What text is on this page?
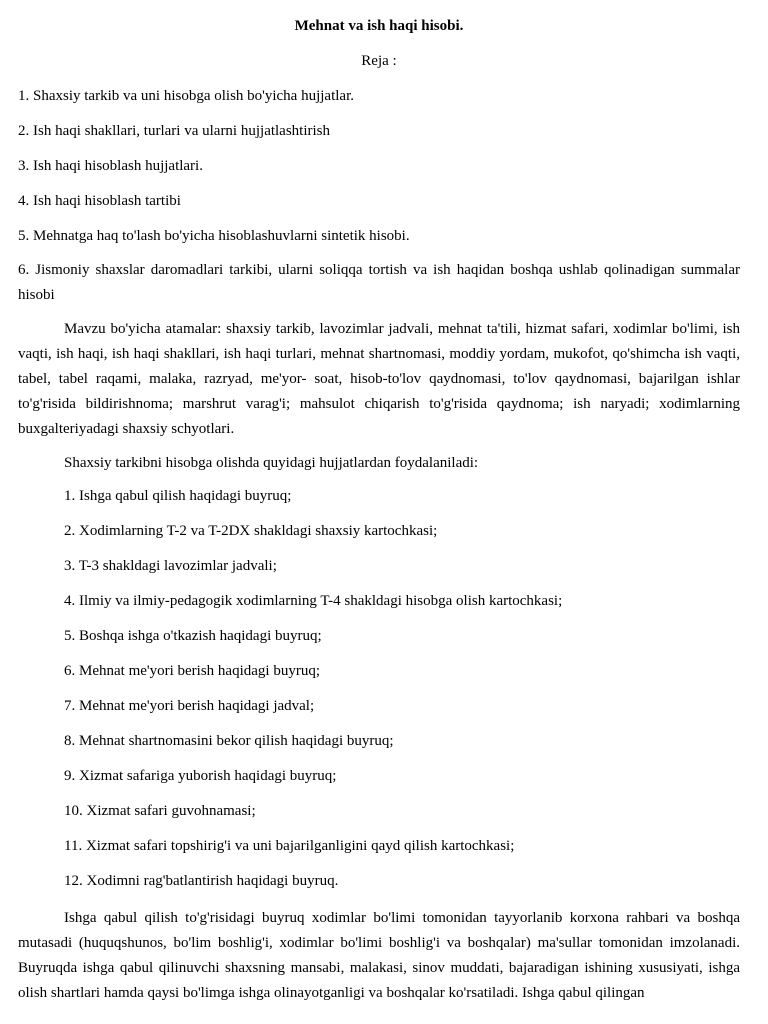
Mehnat va ish haqi hisobi.

Reja :

1. Shaxsiy tarkib va uni hisobga olish bo'yicha hujjatlar.
2. Ish haqi shakllari, turlari va ularni hujjatlashtirish
3. Ish haqi hisoblash hujjatlari.
4. Ish haqi hisoblash tartibi
5. Mehnatga haq to'lash bo'yicha hisoblashuvlarni sintetik hisobi.
6. Jismoniy shaxslar daromadlari tarkibi, ularni soliqqa tortish va ish haqidan boshqa ushlab qolinadigan summalar hisobi

Mavzu bo'yicha atamalar: shaxsiy tarkib, lavozimlar jadvali, mehnat ta'tili, hizmat safari, xodimlar bo'limi, ish vaqti, ish haqi, ish haqi shakllari, ish haqi turlari, mehnat shartnomasi, moddiy yordam, mukofot, qo'shimcha ish vaqti, tabel, tabel raqami, malaka, razryad, me'yor- soat, hisob-to'lov qaydnomasi, to'lov qaydnomasi, bajarilgan ishlar to'g'risida bildirishnoma; marshrut varag'i; mahsulot chiqarish to'g'risida qaydnoma; ish naryadi; xodimlarning buxgalteriyadagi shaxsiy schyotlari.

Shaxsiy tarkibni hisobga olishda quyidagi hujjatlardan foydalaniladi:

1. Ishga qabul qilish haqidagi buyruq;
2. Xodimlarning T-2 va T-2DX shakldagi shaxsiy kartochkasi;
3. T-3 shakldagi lavozimlar jadvali;
4. Ilmiy va ilmiy-pedagogik xodimlarning T-4 shakldagi hisobga olish kartochkasi;
5. Boshqa ishga o'tkazish haqidagi buyruq;
6. Mehnat me'yori berish haqidagi buyruq;
7. Mehnat me'yori berish haqidagi jadval;
8. Mehnat shartnomasini bekor qilish haqidagi buyruq;
9. Xizmat safariga yuborish haqidagi buyruq;
10. Xizmat safari guvohnamasi;
11. Xizmat safari topshirig'i va uni bajarilganligini qayd qilish kartochkasi;
12. Xodimni rag'batlantirish haqidagi buyruq.

Ishga qabul qilish to'g'risidagi buyruq xodimlar bo'limi tomonidan tayyorlanib korxona rahbari va boshqa mutasadi (huquqshunos, bo'lim boshlig'i, xodimlar bo'limi boshlig'i va boshqalar) ma'sullar tomonidan imzolanadi. Buyruqda ishga qabul qilinuvchi shaxsning mansabi, malakasi, sinov muddati, bajaradigan ishining xususiyati, ishga olish shartlari hamda qaysi bo'limga ishga olinayotganligi va boshqalar ko'rsatiladi. Ishga qabul qilingan
